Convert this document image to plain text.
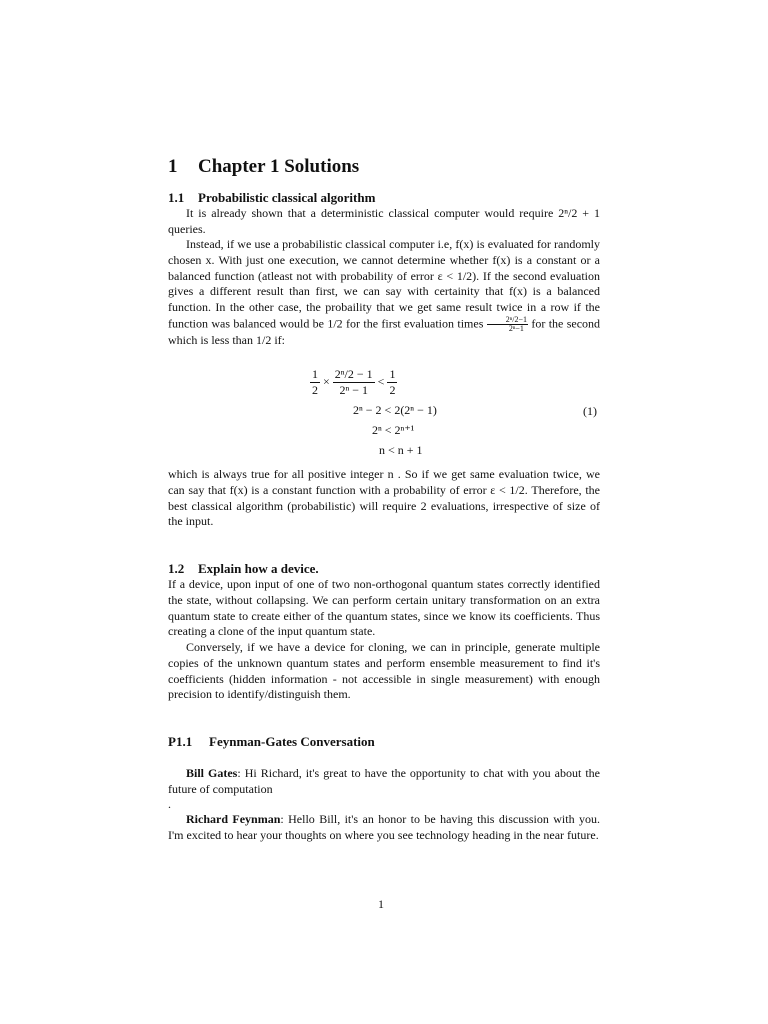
1 Chapter 1 Solutions
1.1 Probabilistic classical algorithm
It is already shown that a deterministic classical computer would require 2ⁿ/2 + 1 queries.
Instead, if we use a probabilistic classical computer i.e, f(x) is evaluated for randomly chosen x. With just one execution, we cannot determine whether f(x) is a constant or a balanced function (atleast not with probability of error ε < 1/2). If the second evaluation gives a different result than first, we can say with certainity that f(x) is a balanced function. In the other case, the probaility that we get same result twice in a row if the function was balanced would be 1/2 for the first evaluation times $\frac{\text{2ⁿ/2−1}}{\text{2ⁿ−1}}$ for the second which is less than 1/2 if:
$\frac{1}{2} \times \frac{\text{2ⁿ/2 − 1}}{\text{2ⁿ − 1}} < \frac{1}{2}$
2ⁿ − 2 < 2(2ⁿ − 1)
2ⁿ < 2ⁿ⁺¹
n < n + 1
(1)
which is always true for all positive integer n . So if we get same evaluation twice, we can say that f(x) is a constant function with a probability of error ε < 1/2. Therefore, the best classical algorithm (probabilistic) will require 2 evaluations, irrespective of size of the input.
1.2 Explain how a device.
If a device, upon input of one of two non-orthogonal quantum states correctly identified the state, without collapsing. We can perform certain unitary transformation on an extra quantum state to create either of the quantum states, since we know its coefficients. Thus creating a clone of the input quantum state.
Conversely, if we have a device for cloning, we can in principle, generate multiple copies of the unknown quantum states and perform ensemble measurement to find it's coefficients (hidden information - not accessible in single measurement) with enough precision to identify/distinguish them.
P1.1 Feynman-Gates Conversation
Bill Gates: Hi Richard, it's great to have the opportunity to chat with you about the future of computation
.
Richard Feynman: Hello Bill, it's an honor to be having this discussion with you. I'm excited to hear your thoughts on where you see technology heading in the near future.
1
